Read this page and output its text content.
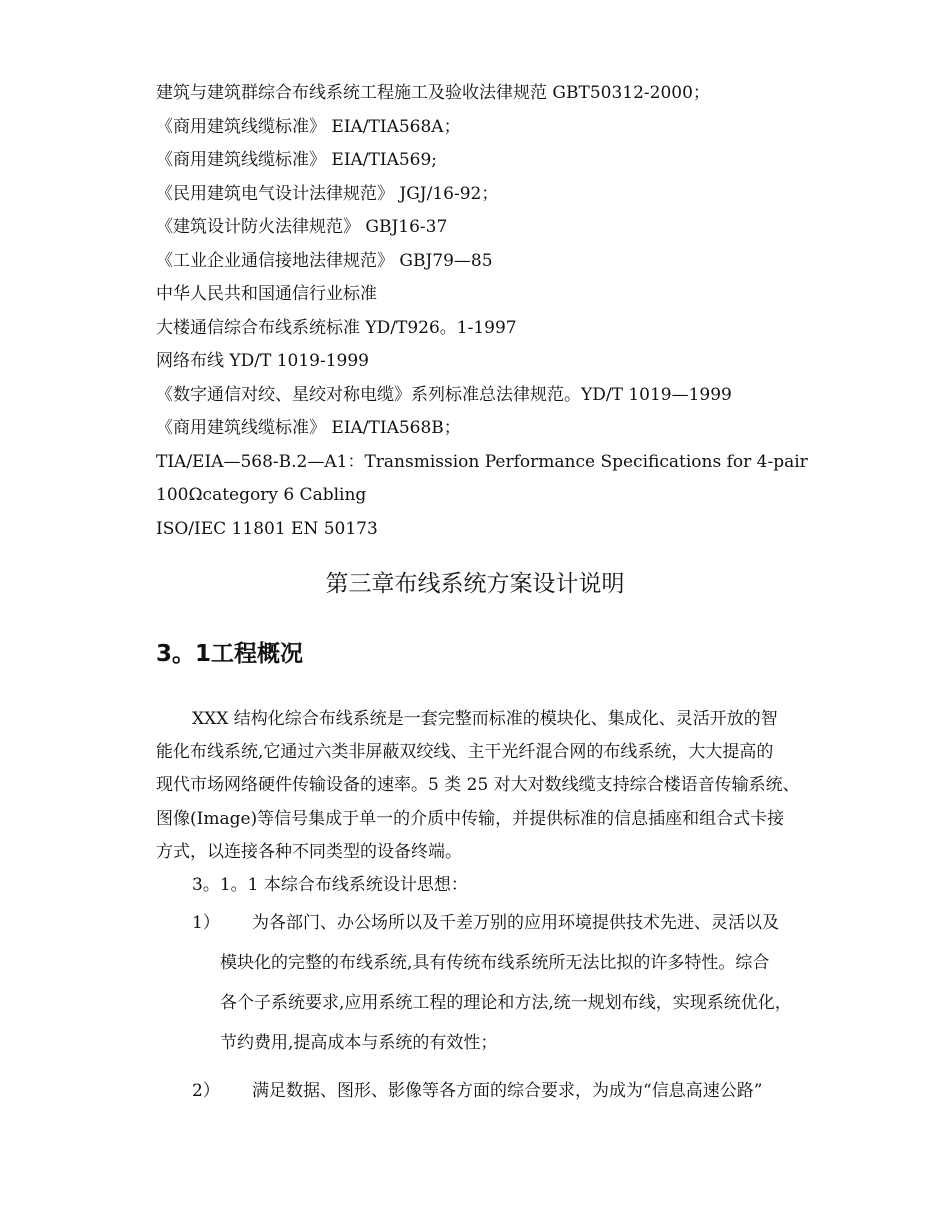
建筑与建筑群综合布线系统工程施工及验收法律规范 GBT50312-2000；
《商用建筑线缆标准》 EIA/TIA568A；
《商用建筑线缆标准》 EIA/TIA569;
《民用建筑电气设计法律规范》 JGJ/16-92；
《建筑设计防火法律规范》 GBJ16-37
《工业企业通信接地法律规范》 GBJ79—85
中华人民共和国通信行业标准
大楼通信综合布线系统标准 YD/T926。1-1997
网络布线 YD/T 1019-1999
《数字通信对绞、星绞对称电缆》系列标准总法律规范。YD/T 1019—1999
《商用建筑线缆标准》 EIA/TIA568B；
TIA/EIA—568-B.2—A1：Transmission Performance Specifications for 4-pair
100Ωcategory 6 Cabling
ISO/IEC 11801 EN 50173
第三章布线系统方案设计说明
3。1工程概况
XXX 结构化综合布线系统是一套完整而标准的模块化、集成化、灵活开放的智
能化布线系统,它通过六类非屏蔽双绞线、主干光纤混合网的布线系统，大大提高的
现代市场网络硬件传输设备的速率。5 类 25 对大对数线缆支持综合楼语音传输系统、
图像(Image)等信号集成于单一的介质中传输，并提供标准的信息插座和组合式卡接
方式，以连接各种不同类型的设备终端。
3。1。1 本综合布线系统设计思想：
1）	为各部门、办公场所以及千差万别的应用环境提供技术先进、灵活以及
模块化的完整的布线系统,具有传统布线系统所无法比拟的许多特性。综合
各个子系统要求,应用系统工程的理论和方法,统一规划布线，实现系统优化，
节约费用,提高成本与系统的有效性；
2）	满足数据、图形、影像等各方面的综合要求，为成为“信息高速公路”
